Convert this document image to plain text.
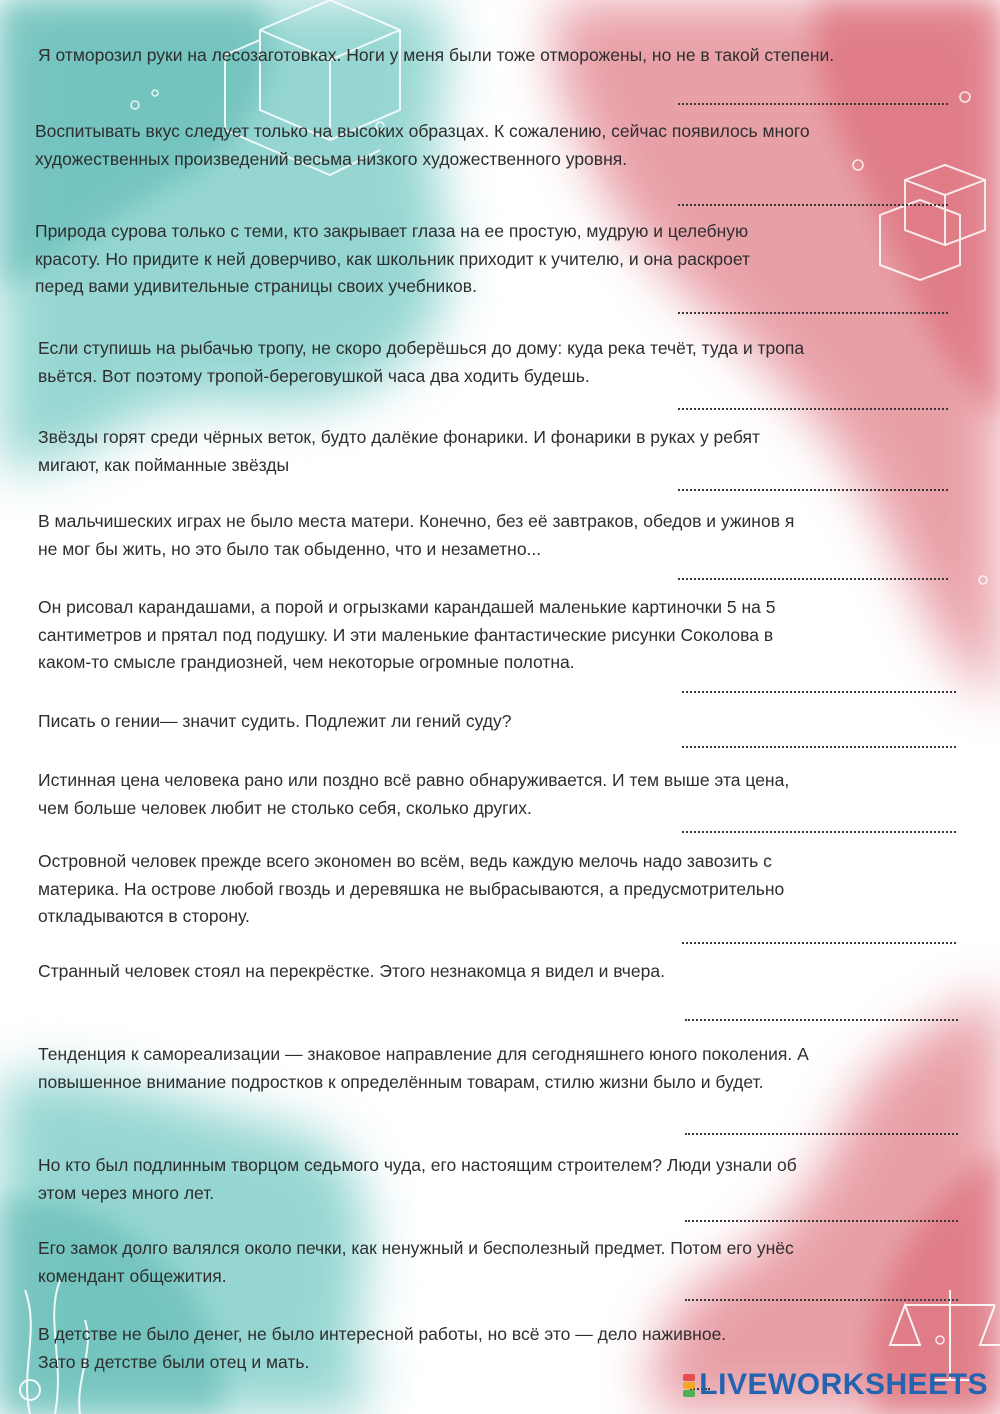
Я отморозил руки на лесозаготовках. Ноги у меня были тоже отморожены, но не в такой степени.

Воспитывать вкус следует только на высоких образцах. К сожалению, сейчас появилось много
художественных произведений весьма низкого художественного уровня.

Природа сурова только с теми, кто закрывает глаза на ее простую, мудрую и целебную
красоту. Но придите к ней доверчиво, как школьник приходит к учителю, и она раскроет
перед вами удивительные страницы своих учебников.

Если ступишь на рыбачью тропу, не скоро доберёшься до дому: куда река течёт, туда и тропа
вьётся. Вот поэтому тропой-береговушкой часа два ходить будешь.

Звёзды горят среди чёрных веток, будто далёкие фонарики. И фонарики в руках у ребят
мигают, как пойманные звёзды

В мальчишеских играх не было места матери. Конечно, без её завтраков, обедов и ужинов я
не мог бы жить, но это было так обыденно, что и незаметно...

Он рисовал карандашами, а порой и огрызками карандашей маленькие картиночки 5 на 5
сантиметров и прятал под подушку. И эти маленькие фантастические рисунки Соколова в
каком-то смысле грандиозней, чем некоторые огромные полотна.

Писать о гении— значит судить. Подлежит ли гений суду?

Истинная цена человека рано или поздно всё равно обнаруживается. И тем выше эта цена,
чем больше человек любит не столько себя, сколько других.

Островной человек прежде всего экономен во всём, ведь каждую мелочь надо завозить с
материка. На острове любой гвоздь и деревяшка не выбрасываются, а предусмотрительно
откладываются в сторону.

Странный человек стоял на перекрёстке. Этого незнакомца я видел и вчера.

Тенденция к самореализации — знаковое направление для сегодняшнего юного поколения. А
повышенное внимание подростков к определённым товарам, стилю жизни было и будет.

Но кто был подлинным творцом седьмого чуда, его настоящим строителем? Люди узнали об
этом через много лет.

Его замок долго валялся около печки, как ненужный и бесполезный предмет. Потом его унёс
комендант общежития.

В детстве не было денег, не было интересной работы, но всё это — дело наживное.
Зато в детстве были отец и мать.

LIVEWORKSHEETS
